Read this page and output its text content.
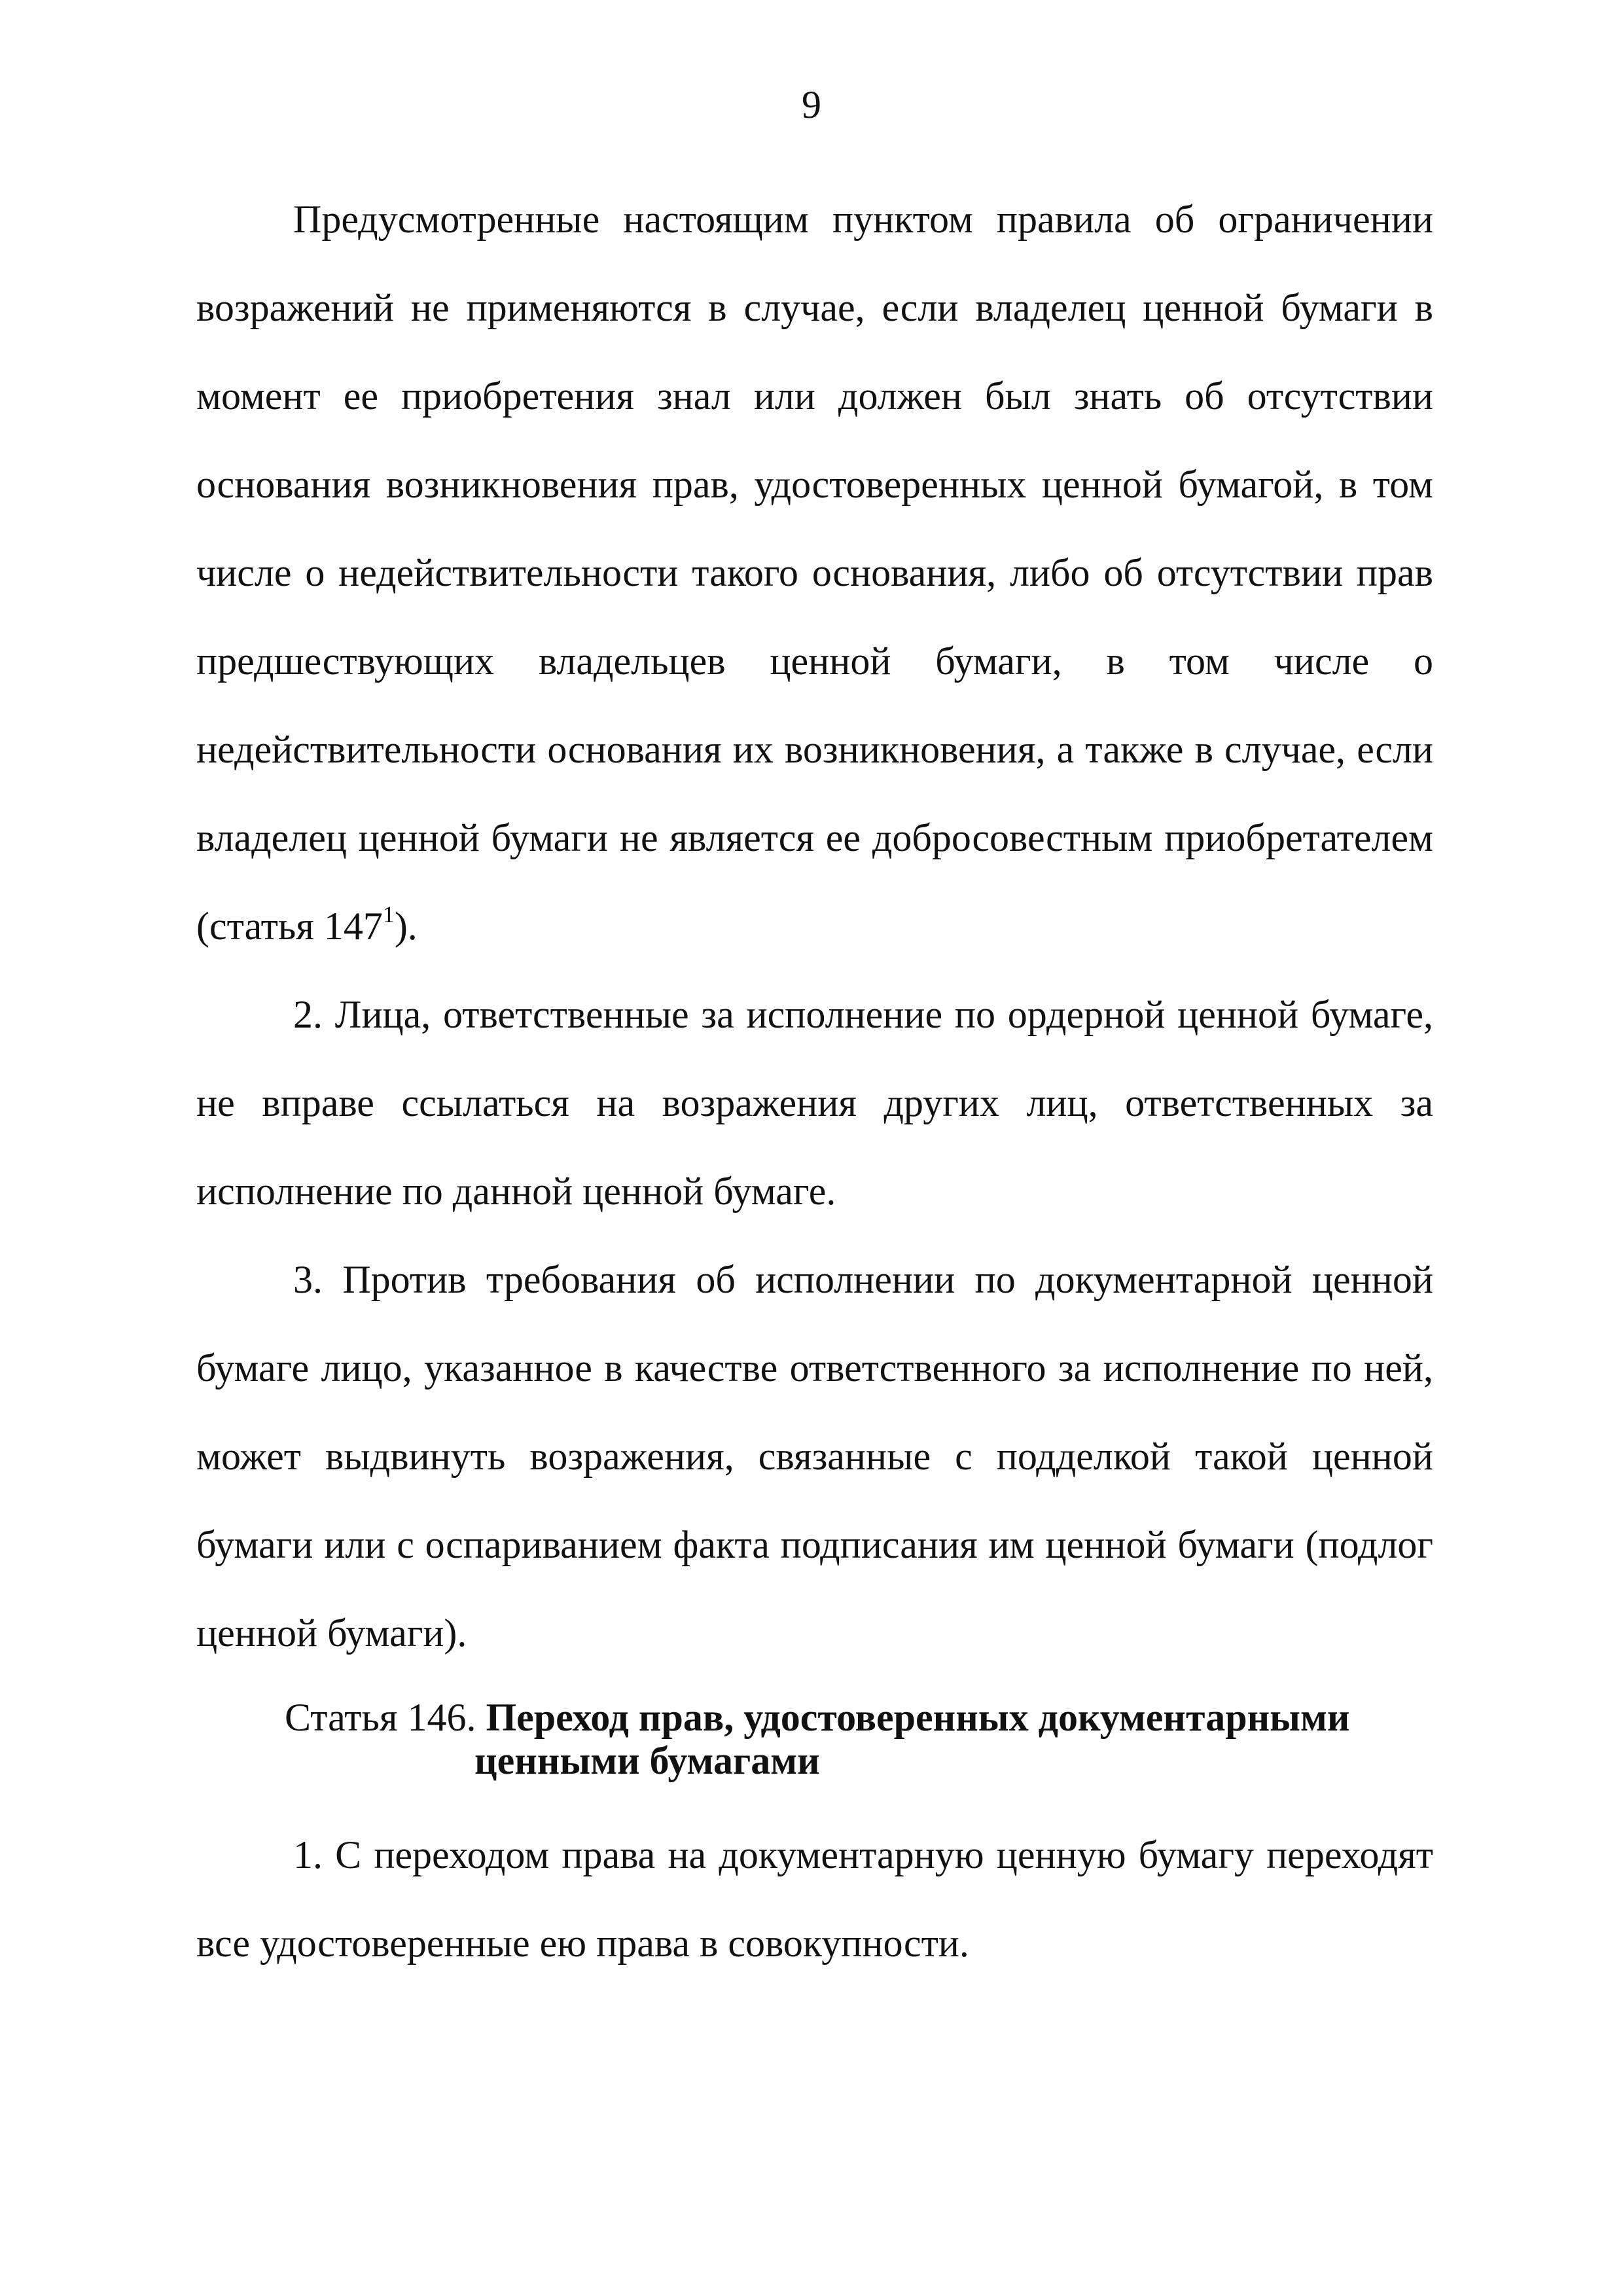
9

Предусмотренные настоящим пунктом правила об ограничении возражений не применяются в случае, если владелец ценной бумаги в момент ее приобретения знал или должен был знать об отсутствии основания возникновения прав, удостоверенных ценной бумагой, в том числе о недействительности такого основания, либо об отсутствии прав предшествующих владельцев ценной бумаги, в том числе о недействительности основания их возникновения, а также в случае, если владелец ценной бумаги не является ее добросовестным приобретателем (статья $147^1$).

2. Лица, ответственные за исполнение по ордерной ценной бумаге, не вправе ссылаться на возражения других лиц, ответственных за исполнение по данной ценной бумаге.

3. Против требования об исполнении по документарной ценной бумаге лицо, указанное в качестве ответственного за исполнение по ней, может выдвинуть возражения, связанные с подделкой такой ценной бумаги или с оспариванием факта подписания им ценной бумаги (подлог ценной бумаги).

Статья 146. Переход прав, удостоверенных документарными
ценными бумагами

1. С переходом права на документарную ценную бумагу переходят все удостоверенные ею права в совокупности.
